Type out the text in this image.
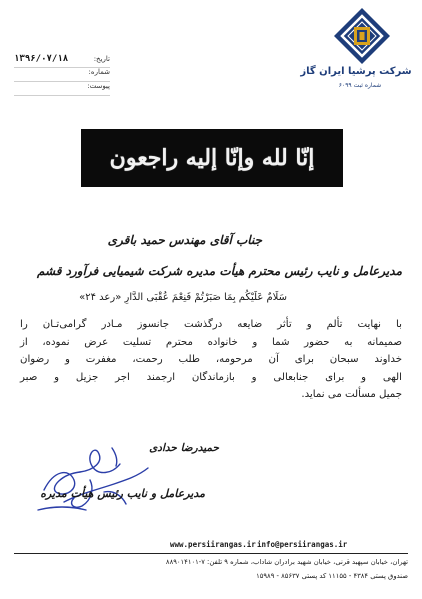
شرکت پرشیا ایران گاز
شماره ثبت ۶۰۹۹
۱۳۹۶/۰۷/۱۸	تاریخ:
شماره:
پیوست:
إنّا لله وإنّا إليه راجعون
جناب آقای مهندس حمید باقری
مدیرعامل و نایب رئیس محترم هیأت مدیره شرکت شیمیایی فرآورد قشم
سَلَامٌ عَلَيْكُم بِمَا صَبَرْتُمْ فَنِعْمَ عُقْبَى الدَّارِ «رعد ۲۴»
با نهایت تألم و تأثر ضایعه درگذشت جانسوز مـادر گرامی‌تـان را
صمیمانه به حضور شما و خانواده محترم تسلیت عرض نموده، از
خداوند سبحان برای آن مرحومه، طلب رحمت، مغفرت و رضوان
الهی و برای جنابعالی و بازماندگان ارجمند اجر جزیل و صبر
جمیل مسألت می نماید.
حمیدرضا حدادی
مدیرعامل و نایب رئیس هیأت مدیره
www.persiirangas.ir info@persiirangas.ir
تهران، خیابان سپهبد قرنی، خیابان شهید برادران شاداب، شماره ۹ تلفن: ۷-۸۸۹۰۱۴۱۰۱
صندوق پستی ۴۳۸۴ - ۱۱۱۵۵ کد پستی ۸۵۶۳۷ - ۱۵۹۸۹
